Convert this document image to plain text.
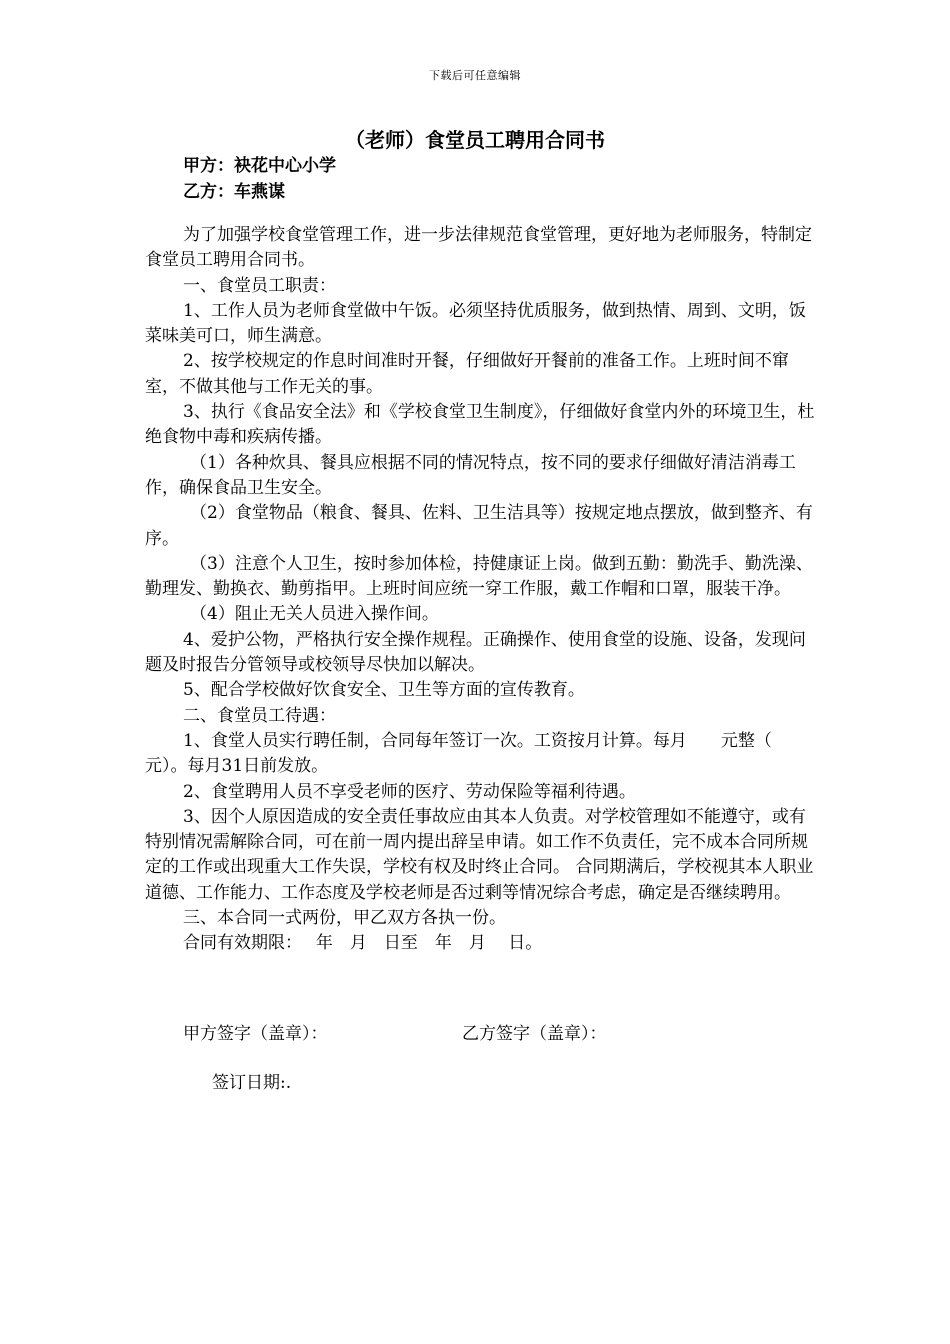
下载后可任意编辑
（老师）食堂员工聘用合同书
甲方：袂花中心小学
乙方：车燕谋

为了加强学校食堂管理工作，进一步法律规范食堂管理，更好地为老师服务，特制定食堂员工聘用合同书。

一、食堂员工职责：

1、工作人员为老师食堂做中午饭。必须坚持优质服务，做到热情、周到、文明，饭菜味美可口，师生满意。

2、按学校规定的作息时间准时开餐，仔细做好开餐前的准备工作。上班时间不窜室，不做其他与工作无关的事。

3、执行《食品安全法》和《学校食堂卫生制度》，仔细做好食堂内外的环境卫生，杜绝食物中毒和疾病传播。

（1）各种炊具、餐具应根据不同的情况特点，按不同的要求仔细做好清洁消毒工作，确保食品卫生安全。

（2）食堂物品（粮食、餐具、佐料、卫生洁具等）按规定地点摆放，做到整齐、有序。

（3）注意个人卫生，按时参加体检，持健康证上岗。做到五勤：勤洗手、勤洗澡、勤理发、勤换衣、勤剪指甲。上班时间应统一穿工作服，戴工作帽和口罩，服装干净。

（4）阻止无关人员进入操作间。

4、爱护公物，严格执行安全操作规程。正确操作、使用食堂的设施、设备，发现问题及时报告分管领导或校领导尽快加以解决。

5、配合学校做好饮食安全、卫生等方面的宣传教育。

二、食堂员工待遇：

1、食堂人员实行聘任制，合同每年签订一次。工资按月计算。每月　　元整（　　元）。每月31日前发放。

2、食堂聘用人员不享受老师的医疗、劳动保险等福利待遇。

3、因个人原因造成的安全责任事故应由其本人负责。对学校管理如不能遵守，或有特别情况需解除合同，可在前一周内提出辞呈申请。如工作不负责任，完不成本合同所规定的工作或出现重大工作失误，学校有权及时终止合同。 合同期满后，学校视其本人职业道德、工作能力、工作态度及学校老师是否过剩等情况综合考虑，确定是否继续聘用。

三、本合同一式两份，甲乙双方各执一份。

合同有效期限：　 年　月　日至　年　月　 日。

甲方签字（盖章）：	乙方签字（盖章）：
签订日期:.
